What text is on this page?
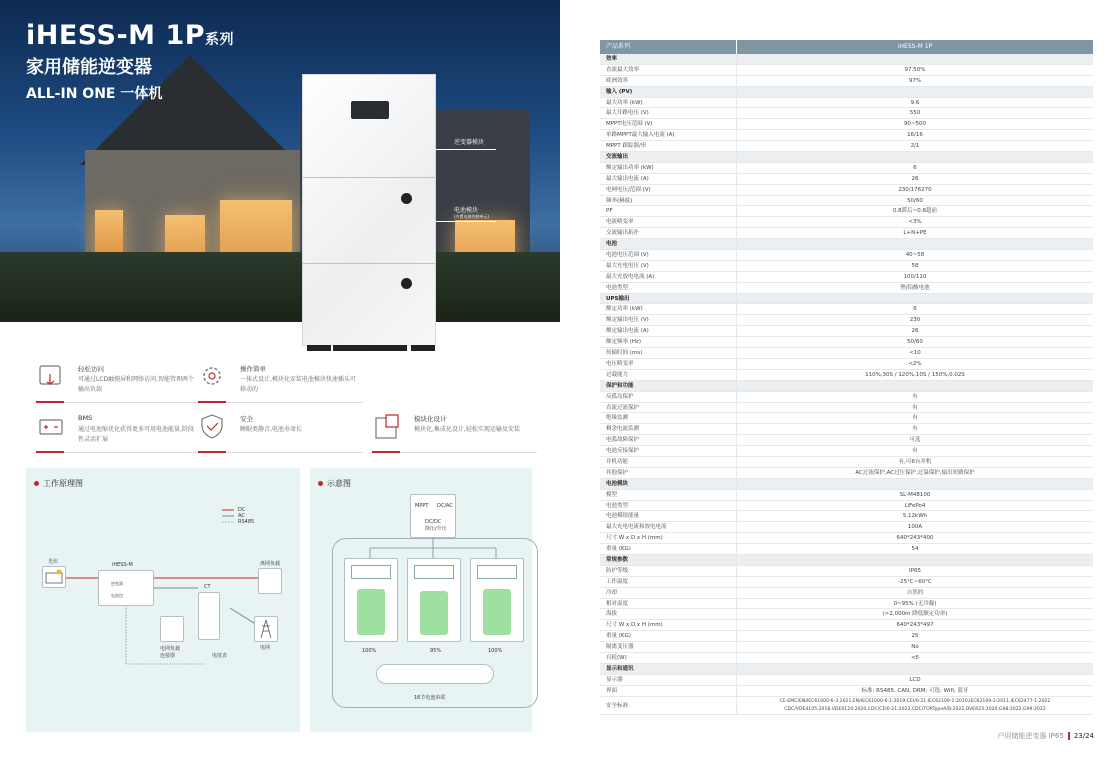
iHESS-M 1P系列
家用储能逆变器
ALL-IN ONE 一体机
逆变器模块
电池模块
(内置电源控制单元)
轻松访问
可通过LCD触摸屏和网络访问,智能管理两个输出负载
操作简单
一体式设计,模块化安装电池模块快速插头可移动的
BMS
通过电池缩优化获得更多可用电池能量,阶段性灵活扩展
安全
睡眠类静音,电池寿命长
模块化设计
模块化,集成化设计,轻松实现运输及安装
工作原理图
DC
AC
RS485
光伏	iHESS-M
逆变器
电池包
CT
离网负载
电网负载
连接器	电度表
电网
示意图
MPPT DC/AC
DC/DC
降压/升压
100%	95%	100%
16节电池串联
产品系列	iHESS-M 1P
效率
直流最大效率	97.50%
欧洲效率	97%
输入 (PV)
最大功率 (kW)	9.6
最大开路电压 (V)	550
MPPT电压范围 (V)	90~500
单路MPPT最大输入电流 (A)	16/16
MPPT 跟踪器/串	2/1
交流输出
额定输出功率 (kW)	6
最大输出电流 (A)	26
电网电压/范围 (V)	230/176270
频率(赫兹)	50/60
PF	0.8滞后~0.8超前
电流畸变率	<3%
交流输出拓扑	L+N+PE
电池
电池电压范围 (V)	40~58
最大充电电压 (V)	58
最大充放电电流 (A)	100/110
电池类型	锂/铅酸电池
UPS输出
额定功率 (kW)	6
额定输出电压 (V)	230
额定输出电流 (A)	26
额定频率 (Hz)	50/60
传输时间 (ms)	<10
电压畸变率	<2%
过载能力	110%,30S / 120%,10S / 150%,0.02S
保护和功能
反孤岛保护	有
直流过流保护	有
绝缘监测	有
剩余电流监测	有
电弧故障保护	可选
电池反接保护	有
并机功能	有,可6台并机
其他保护	AC过流保护,AC过压保护,过温保护,输出短路保护
电池模块
模型	SL-M48100
电池类型	LiFePo4
电池模组能量	5.12kWh
最大充电电流和放电电流	100A
尺寸 W x D x H (mm)	640*243*400
重量 (KG)	54
常规参数
防护等级	IP65
工作温度	-25°C~60°C
冷却	自然的
相对湿度	0~95% (无冷凝)
海拔	(>2,000m 降低额定功率)
尺寸 W x D x H (mm)	640*243*497
重量 (KG)	25
隔离变压器	No
自耗(W)	<5
显示和通讯
显示器	LCD
界面	标准: RS485, CAN, DRM; 可选: Wifi, 蓝牙
安全标准
CE-EMC/EN/IEC61000-6-3:2021,EN/IEC61000-6-1:2019;CEI/0-21;IEC62109-1:2010,IEC62109-2:2011,IEC62477-1:2022 CDC/VDE4105:2018,VDE0124:2020,CDC/CEI0-21:2022,CDC/TORTypeA/B:2022,DVER25:2020,G98:2022,G99:2022
户用储能逆变器 IP65 23/24
